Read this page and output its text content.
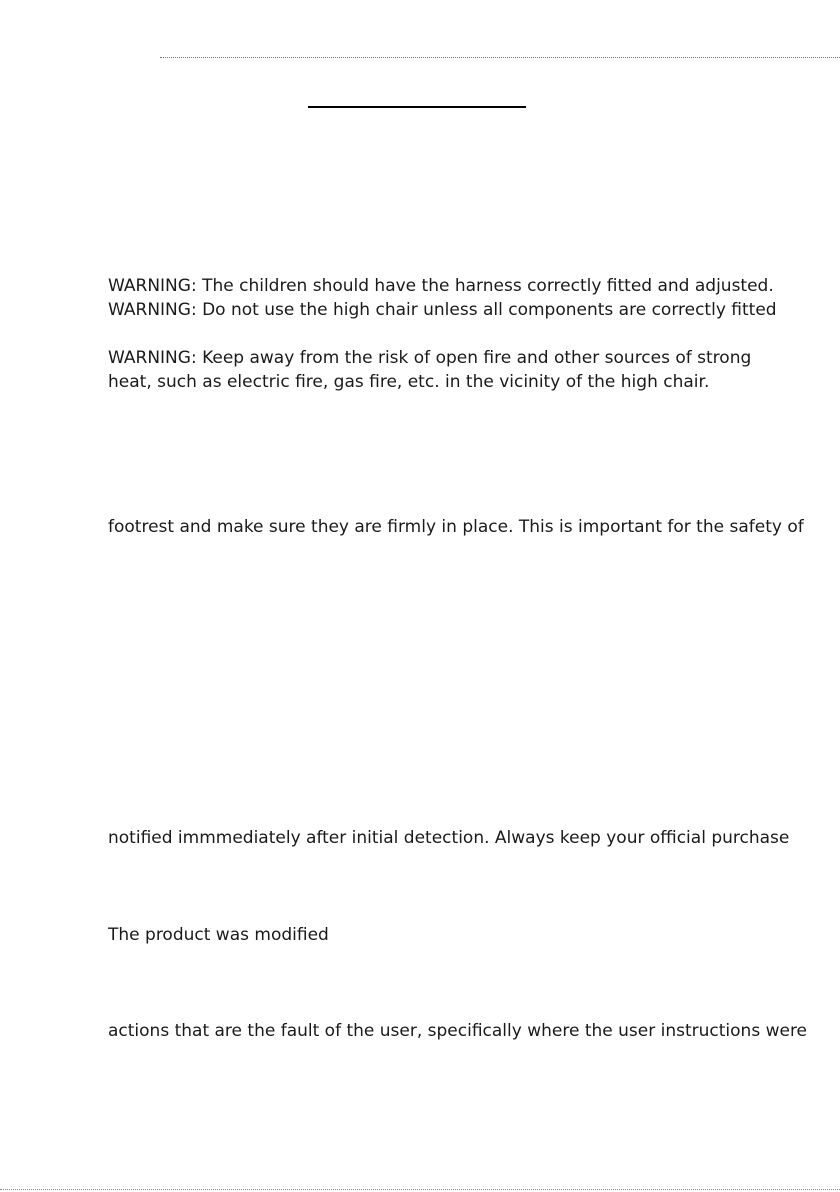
WARNING: The children should have the harness correctly fitted and adjusted.

WARNING: Do not use the high chair unless all components are correctly fitted

WARNING: Keep away from the risk of open fire and other sources of strong

heat, such as electric fire, gas fire, etc. in the vicinity of the high chair.

footrest and make sure they are firmly in place. This is important for the safety of

notified immmediately after initial detection. Always keep your official purchase

The product was modified

actions that are the fault of the user, specifically where the user instructions were
